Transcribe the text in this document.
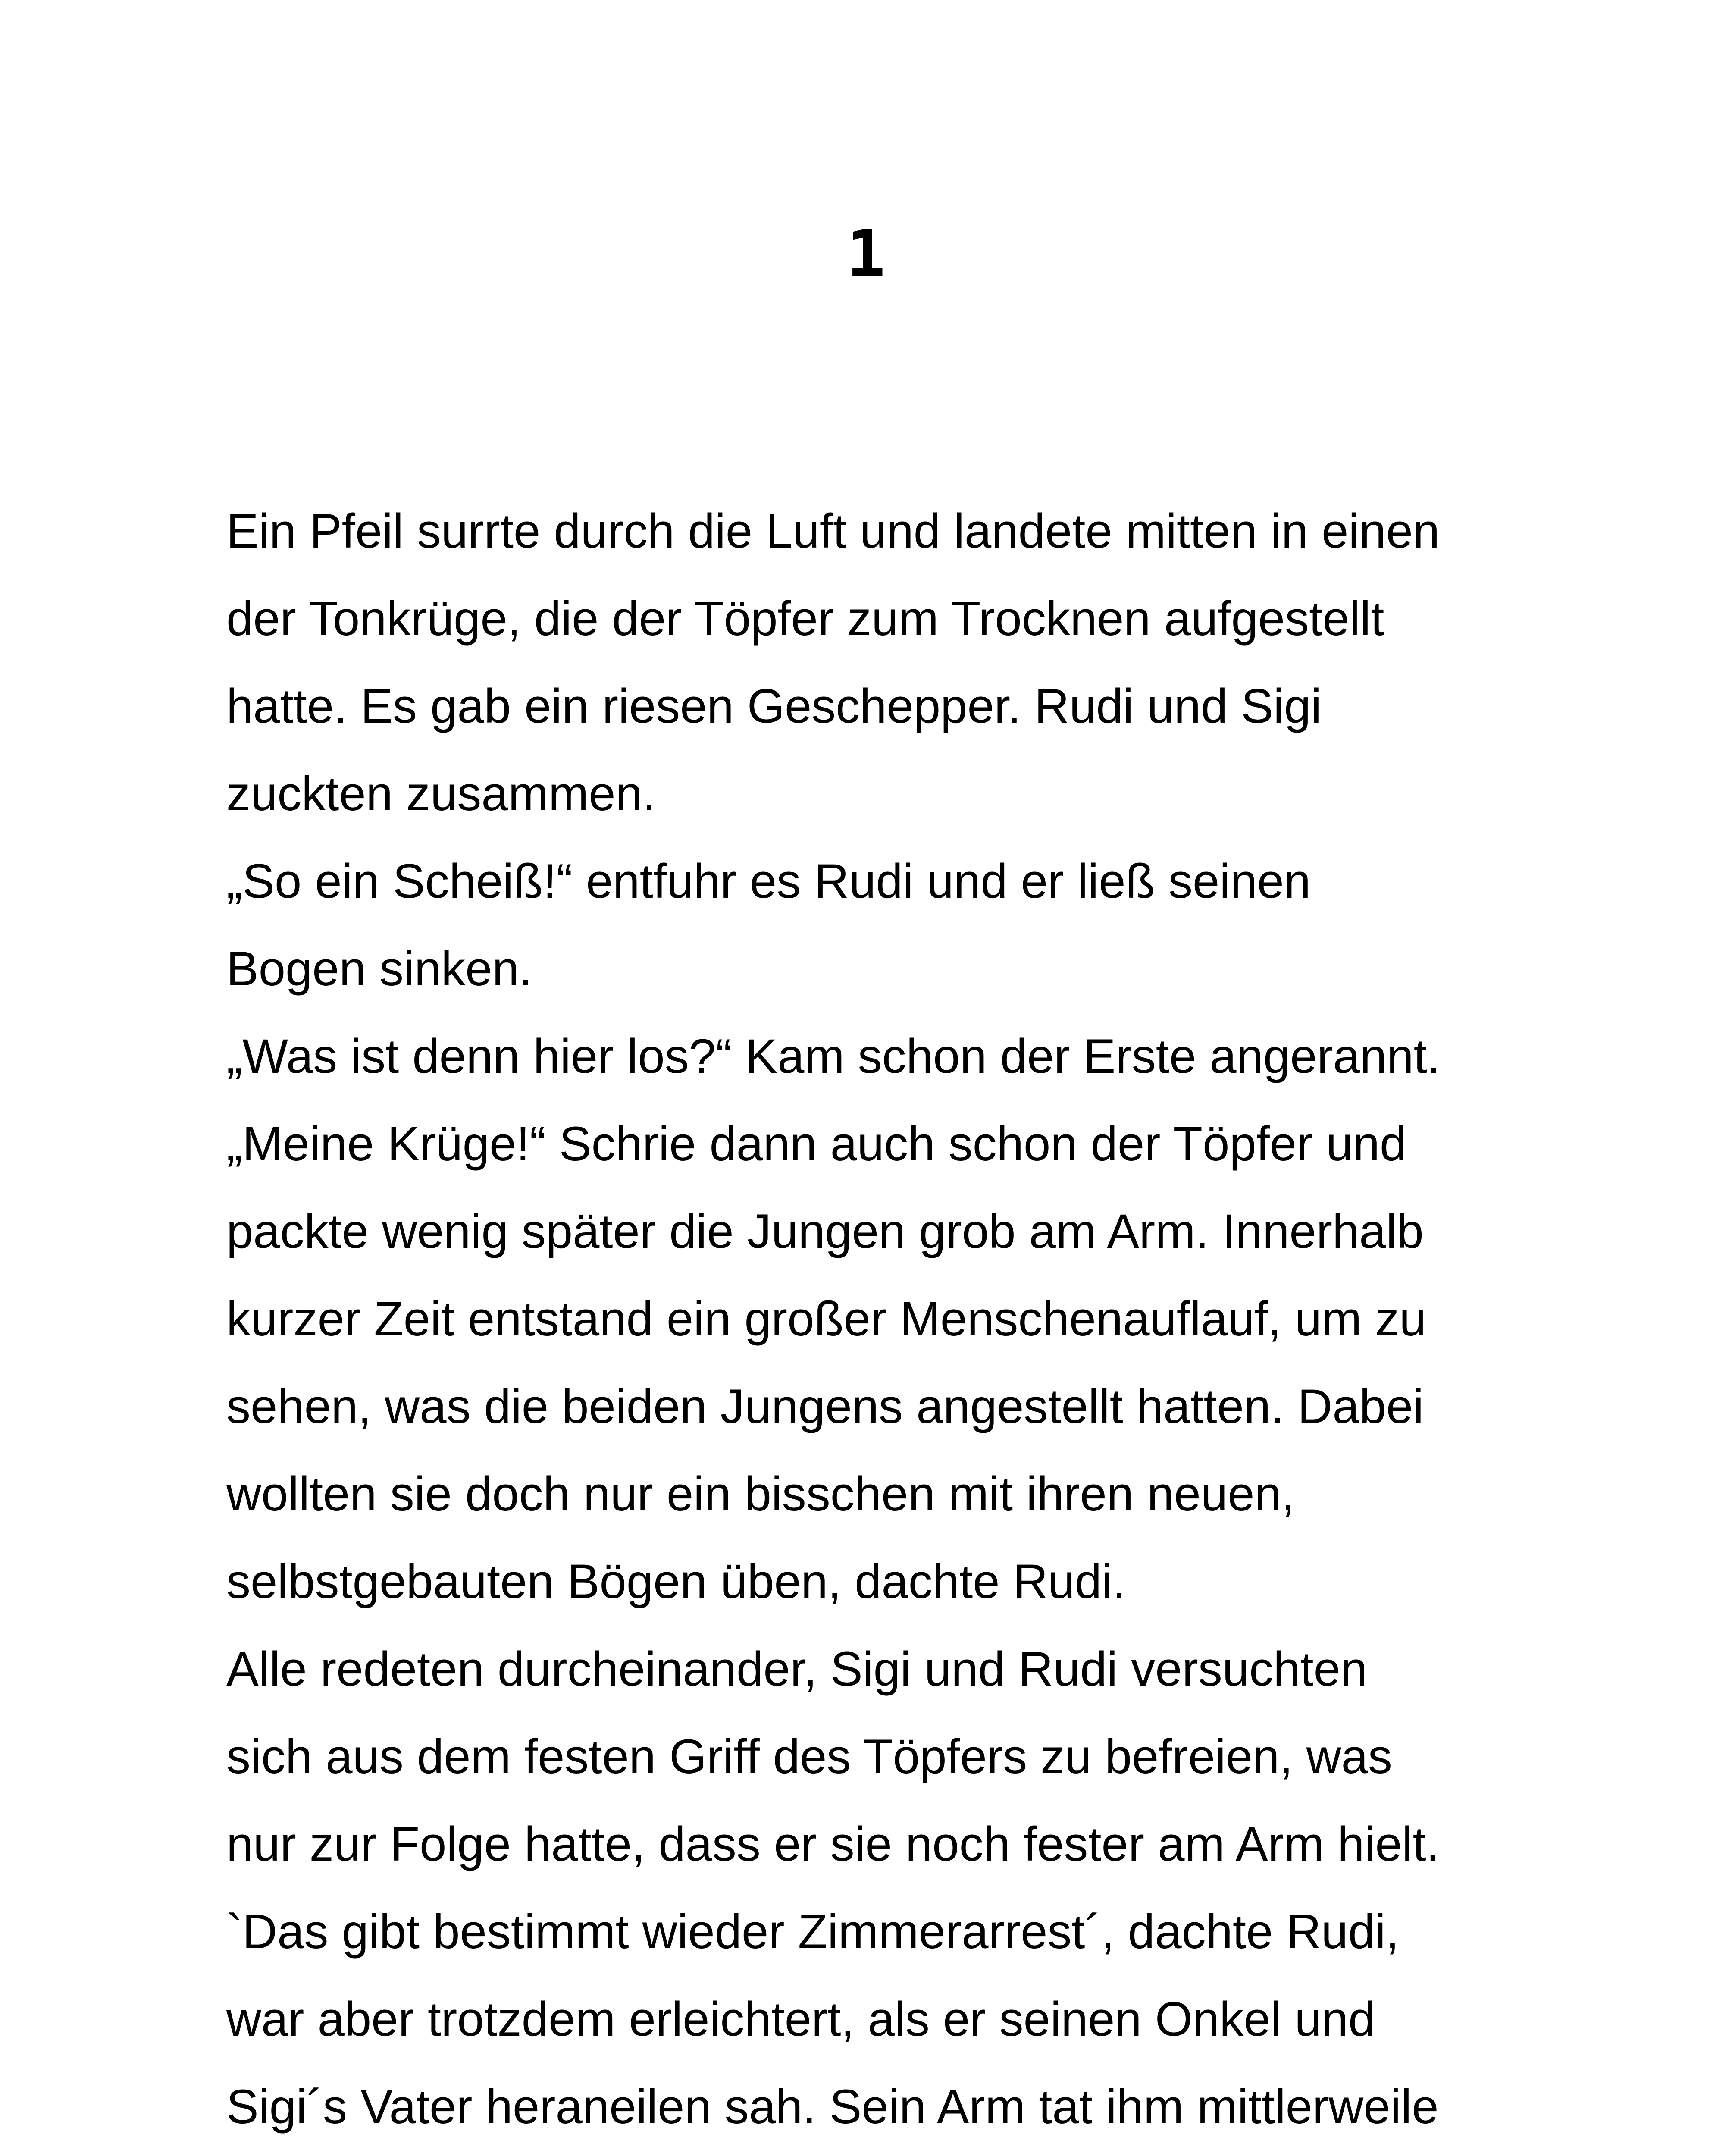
1
Ein Pfeil surrte durch die Luft und landete mitten in einen
der Tonkrüge, die der Töpfer zum Trocknen aufgestellt
hatte. Es gab ein riesen Geschepper. Rudi und Sigi
zuckten zusammen.
„So ein Scheiß!“ entfuhr es Rudi und er ließ seinen
Bogen sinken.
„Was ist denn hier los?“ Kam schon der Erste angerannt.
„Meine Krüge!“ Schrie dann auch schon der Töpfer und
packte wenig später die Jungen grob am Arm. Innerhalb
kurzer Zeit entstand ein großer Menschenauflauf, um zu
sehen, was die beiden Jungens angestellt hatten. Dabei
wollten sie doch nur ein bisschen mit ihren neuen,
selbstgebauten Bögen üben, dachte Rudi.
Alle redeten durcheinander, Sigi und Rudi versuchten
sich aus dem festen Griff des Töpfers zu befreien, was
nur zur Folge hatte, dass er sie noch fester am Arm hielt.
`Das gibt bestimmt wieder Zimmerarrest´, dachte Rudi,
war aber trotzdem erleichtert, als er seinen Onkel und
Sigi´s Vater heraneilen sah. Sein Arm tat ihm mittlerweile
